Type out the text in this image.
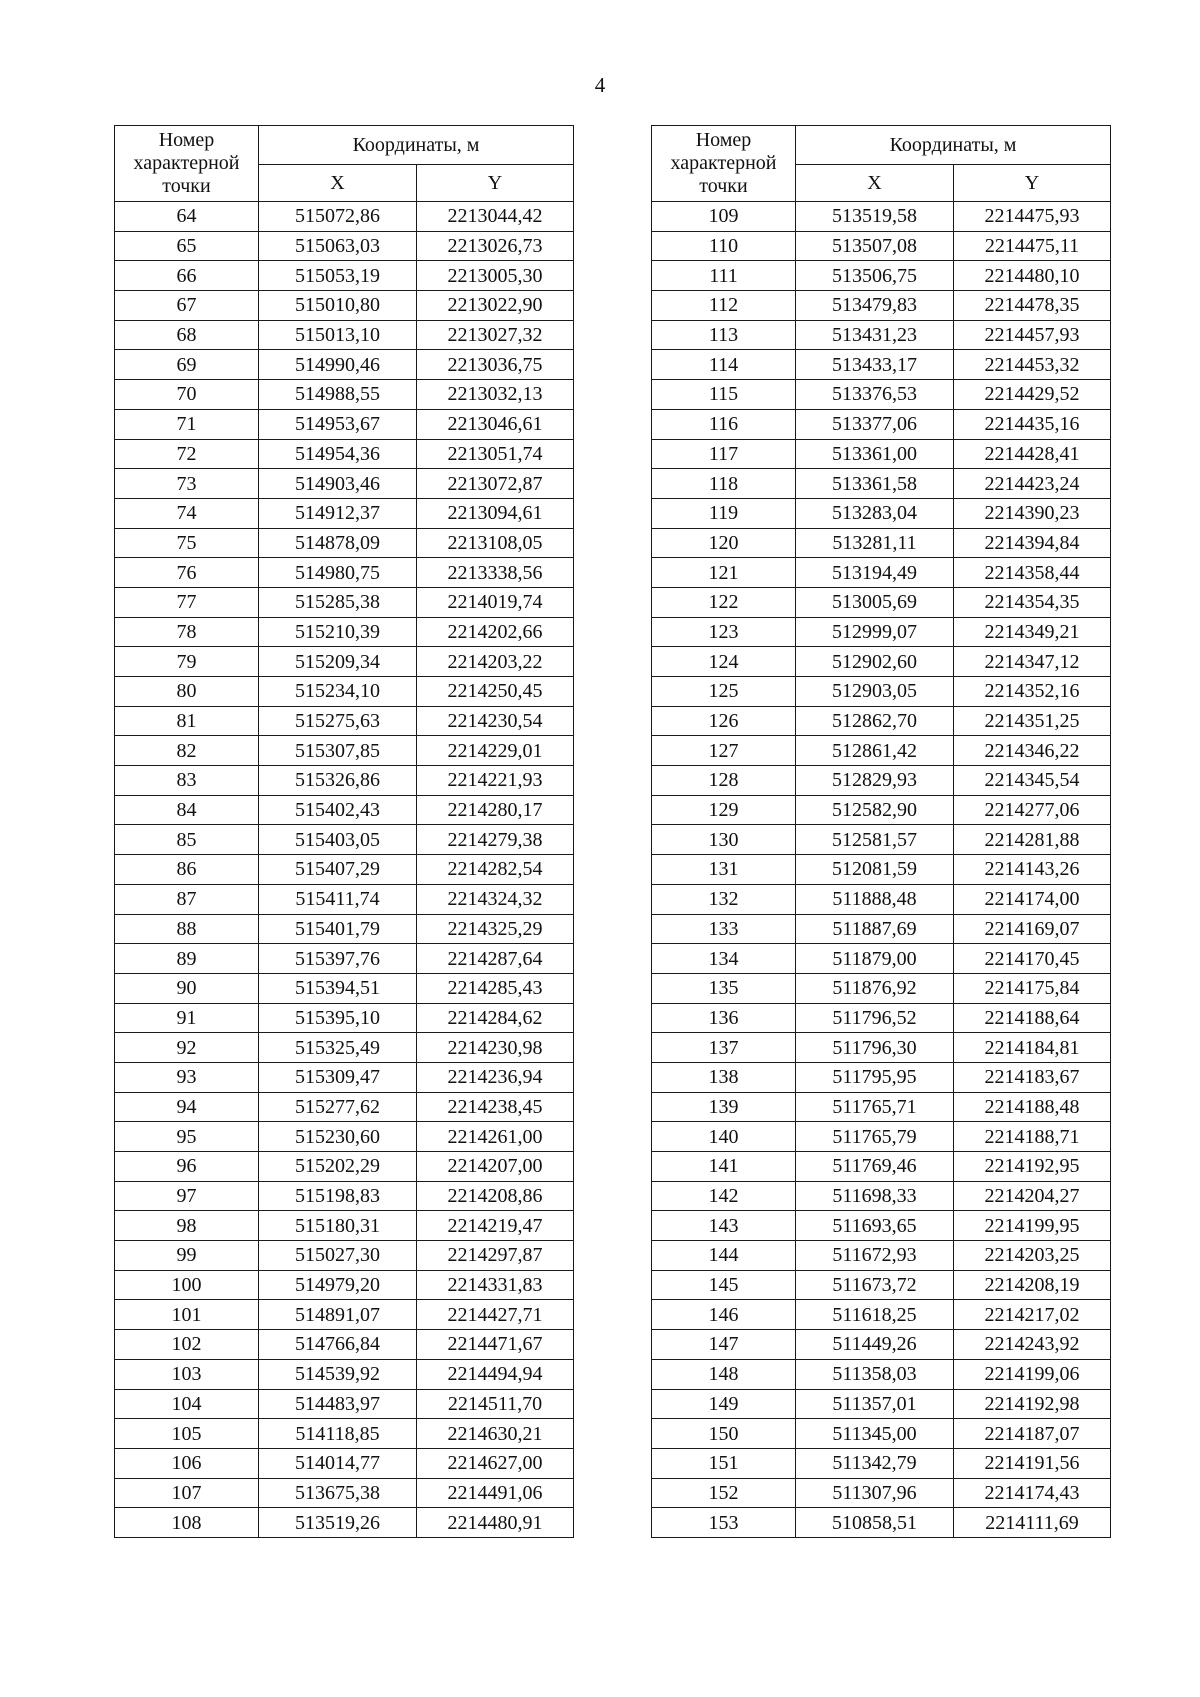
4
Номер характерной точки	Координаты, м	
	X	Y
64	515072,86	2213044,42
65	515063,03	2213026,73
66	515053,19	2213005,30
67	515010,80	2213022,90
68	515013,10	2213027,32
69	514990,46	2213036,75
70	514988,55	2213032,13
71	514953,67	2213046,61
72	514954,36	2213051,74
73	514903,46	2213072,87
74	514912,37	2213094,61
75	514878,09	2213108,05
76	514980,75	2213338,56
77	515285,38	2214019,74
78	515210,39	2214202,66
79	515209,34	2214203,22
80	515234,10	2214250,45
81	515275,63	2214230,54
82	515307,85	2214229,01
83	515326,86	2214221,93
84	515402,43	2214280,17
85	515403,05	2214279,38
86	515407,29	2214282,54
87	515411,74	2214324,32
88	515401,79	2214325,29
89	515397,76	2214287,64
90	515394,51	2214285,43
91	515395,10	2214284,62
92	515325,49	2214230,98
93	515309,47	2214236,94
94	515277,62	2214238,45
95	515230,60	2214261,00
96	515202,29	2214207,00
97	515198,83	2214208,86
98	515180,31	2214219,47
99	515027,30	2214297,87
100	514979,20	2214331,83
101	514891,07	2214427,71
102	514766,84	2214471,67
103	514539,92	2214494,94
104	514483,97	2214511,70
105	514118,85	2214630,21
106	514014,77	2214627,00
107	513675,38	2214491,06
108	513519,26	2214480,91
Номер характерной точки	Координаты, м	
	X	Y
109	513519,58	2214475,93
110	513507,08	2214475,11
111	513506,75	2214480,10
112	513479,83	2214478,35
113	513431,23	2214457,93
114	513433,17	2214453,32
115	513376,53	2214429,52
116	513377,06	2214435,16
117	513361,00	2214428,41
118	513361,58	2214423,24
119	513283,04	2214390,23
120	513281,11	2214394,84
121	513194,49	2214358,44
122	513005,69	2214354,35
123	512999,07	2214349,21
124	512902,60	2214347,12
125	512903,05	2214352,16
126	512862,70	2214351,25
127	512861,42	2214346,22
128	512829,93	2214345,54
129	512582,90	2214277,06
130	512581,57	2214281,88
131	512081,59	2214143,26
132	511888,48	2214174,00
133	511887,69	2214169,07
134	511879,00	2214170,45
135	511876,92	2214175,84
136	511796,52	2214188,64
137	511796,30	2214184,81
138	511795,95	2214183,67
139	511765,71	2214188,48
140	511765,79	2214188,71
141	511769,46	2214192,95
142	511698,33	2214204,27
143	511693,65	2214199,95
144	511672,93	2214203,25
145	511673,72	2214208,19
146	511618,25	2214217,02
147	511449,26	2214243,92
148	511358,03	2214199,06
149	511357,01	2214192,98
150	511345,00	2214187,07
151	511342,79	2214191,56
152	511307,96	2214174,43
153	510858,51	2214111,69
